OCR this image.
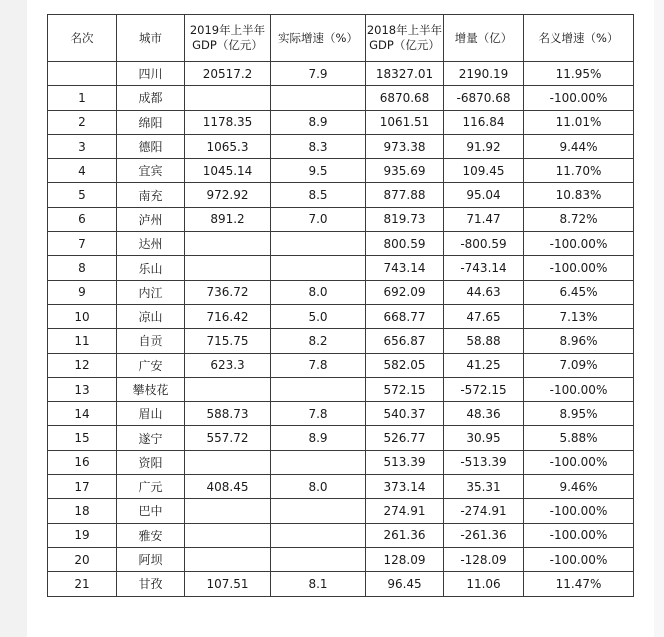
名次	城市	2019年上半年GDP（亿元）	实际增速（%）	2018年上半年GDP（亿元）	增量（亿）	名义增速（%）
	四川	20517.2	7.9	18327.01	2190.19	11.95%
1	成都			6870.68	-6870.68	-100.00%
2	绵阳	1178.35	8.9	1061.51	116.84	11.01%
3	德阳	1065.3	8.3	973.38	91.92	9.44%
4	宜宾	1045.14	9.5	935.69	109.45	11.70%
5	南充	972.92	8.5	877.88	95.04	10.83%
6	泸州	891.2	7.0	819.73	71.47	8.72%
7	达州			800.59	-800.59	-100.00%
8	乐山			743.14	-743.14	-100.00%
9	内江	736.72	8.0	692.09	44.63	6.45%
10	凉山	716.42	5.0	668.77	47.65	7.13%
11	自贡	715.75	8.2	656.87	58.88	8.96%
12	广安	623.3	7.8	582.05	41.25	7.09%
13	攀枝花			572.15	-572.15	-100.00%
14	眉山	588.73	7.8	540.37	48.36	8.95%
15	遂宁	557.72	8.9	526.77	30.95	5.88%
16	资阳			513.39	-513.39	-100.00%
17	广元	408.45	8.0	373.14	35.31	9.46%
18	巴中			274.91	-274.91	-100.00%
19	雅安			261.36	-261.36	-100.00%
20	阿坝			128.09	-128.09	-100.00%
21	甘孜	107.51	8.1	96.45	11.06	11.47%
